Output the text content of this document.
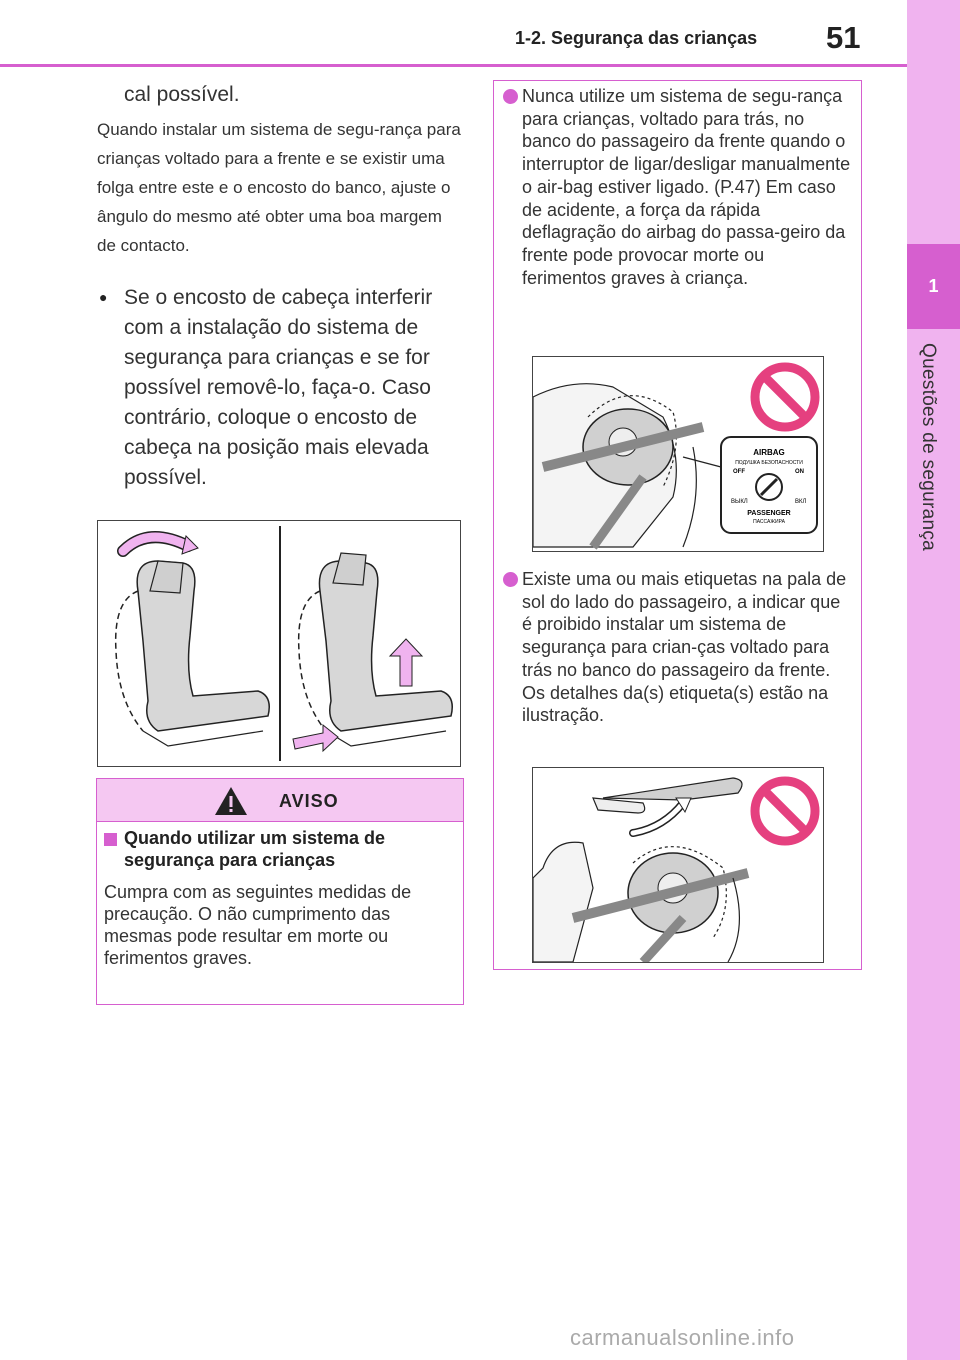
1
Questões de segurança
1-2. Segurança das crianças 51
cal possível.
Quando instalar um sistema de segu-rança para crianças voltado para a frente e se existir uma folga entre este e o encosto do banco, ajuste o ângulo do mesmo até obter uma boa margem de contacto.
● Se o encosto de cabeça interferir com a instalação do sistema de segurança para crianças e se for possível removê-lo, faça-o. Caso contrário, coloque o encosto de cabeça na posição mais elevada possível.
AVISO
Quando utilizar um sistema de segurança para crianças
Cumpra com as seguintes medidas de precaução. O não cumprimento das mesmas pode resultar em morte ou ferimentos graves.
Nunca utilize um sistema de segu-rança para crianças, voltado para trás, no banco do passageiro da frente quando o interruptor de ligar/desligar manualmente o air-bag estiver ligado. (P.47) Em caso de acidente, a força da rápida deflagração do airbag do passa-geiro da frente pode provocar morte ou ferimentos graves à criança.
AIRBAG
ПОДУШКА БЕЗОПАСНОСТИ
OFF	ON
ВЫКЛ	ВКЛ
PASSENGER
ПАССАЖИРА
Existe uma ou mais etiquetas na pala de sol do lado do passageiro, a indicar que é proibido instalar um sistema de segurança para crian-ças voltado para trás no banco do passageiro da frente. Os detalhes da(s) etiqueta(s) estão na ilustração.
carmanualsonline.info
